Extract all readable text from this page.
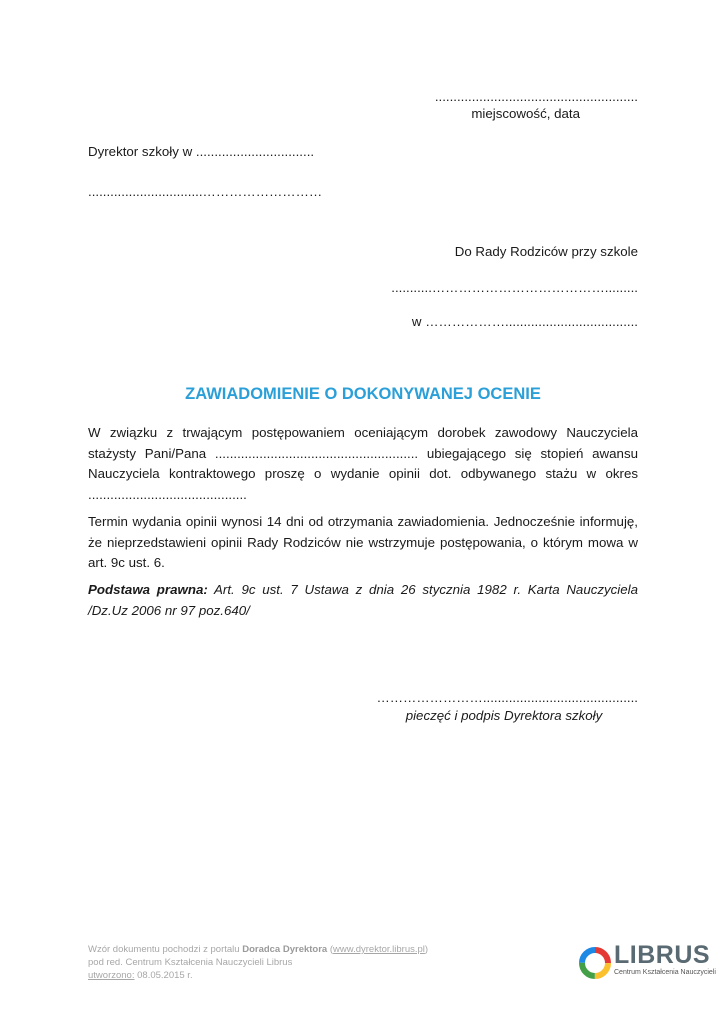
.......................................................
miejscowość, data
Dyrektor szkoły w ................................
...............................………………………
Do Rady Rodziców przy szkole
...........………………………………….........
w ………………....................................
ZAWIADOMIENIE O DOKONYWANEJ OCENIE
W związku z trwającym postępowaniem oceniającym dorobek zawodowy Nauczyciela stażysty Pani/Pana ....................................................... ubiegającego się stopień awansu Nauczyciela kontraktowego proszę o wydanie opinii dot. odbywanego stażu w okres ...........................................
Termin wydania opinii wynosi 14 dni od otrzymania zawiadomienia. Jednocześnie informuję, że nieprzedstawieni opinii Rady Rodziców nie wstrzymuje postępowania, o którym mowa w art. 9c ust. 6.
Podstawa prawna: Art. 9c ust. 7 Ustawa z dnia 26 stycznia 1982 r. Karta Nauczyciela /Dz.Uz 2006 nr 97 poz.640/
……………………..........................................
pieczęć i podpis Dyrektora szkoły
Wzór dokumentu pochodzi z portalu Doradca Dyrektora (www.dyrektor.librus.pl)
pod red. Centrum Kształcenia Nauczycieli Librus
utworzono: 08.05.2015 r.
LIBRUS
Centrum Kształcenia Nauczycieli
